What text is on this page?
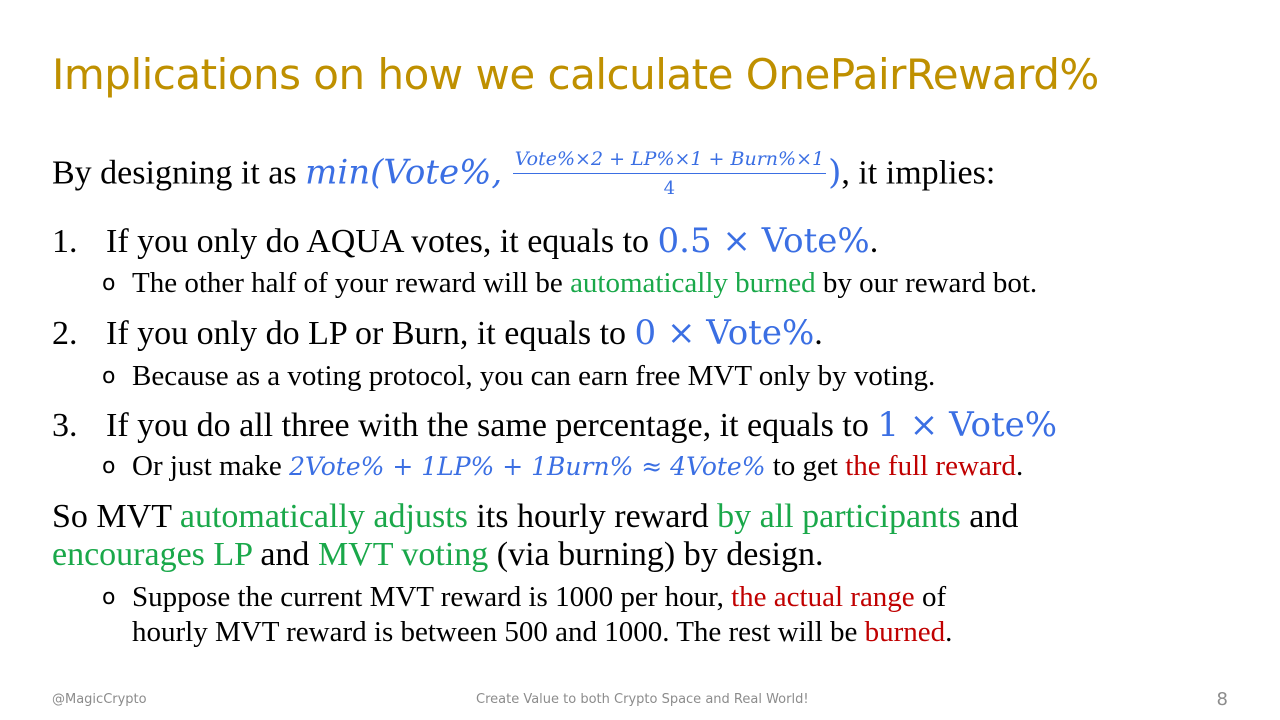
Implications on how we calculate OnePairReward%
By designing it as min(Vote%, $\frac{\text{Vote\%×2 + LP\%×1 + Burn\%×1}}{4}$ ), it implies:
1. If you only do AQUA votes, it equals to 0.5 × Vote%.
o The other half of your reward will be automatically burned by our reward bot.
2. If you only do LP or Burn, it equals to 0 × Vote%.
o Because as a voting protocol, you can earn free MVT only by voting.
3. If you do all three with the same percentage, it equals to 1 × Vote%
o Or just make 2Vote% + 1LP% + 1Burn% ≈ 4Vote% to get the full reward.
So MVT automatically adjusts its hourly reward by all participants and
encourages LP and MVT voting (via burning) by design.
o Suppose the current MVT reward is 1000 per hour, the actual range of
hourly MVT reward is between 500 and 1000. The rest will be burned.
@MagicCrypto	Create Value to both Crypto Space and Real World!	8
